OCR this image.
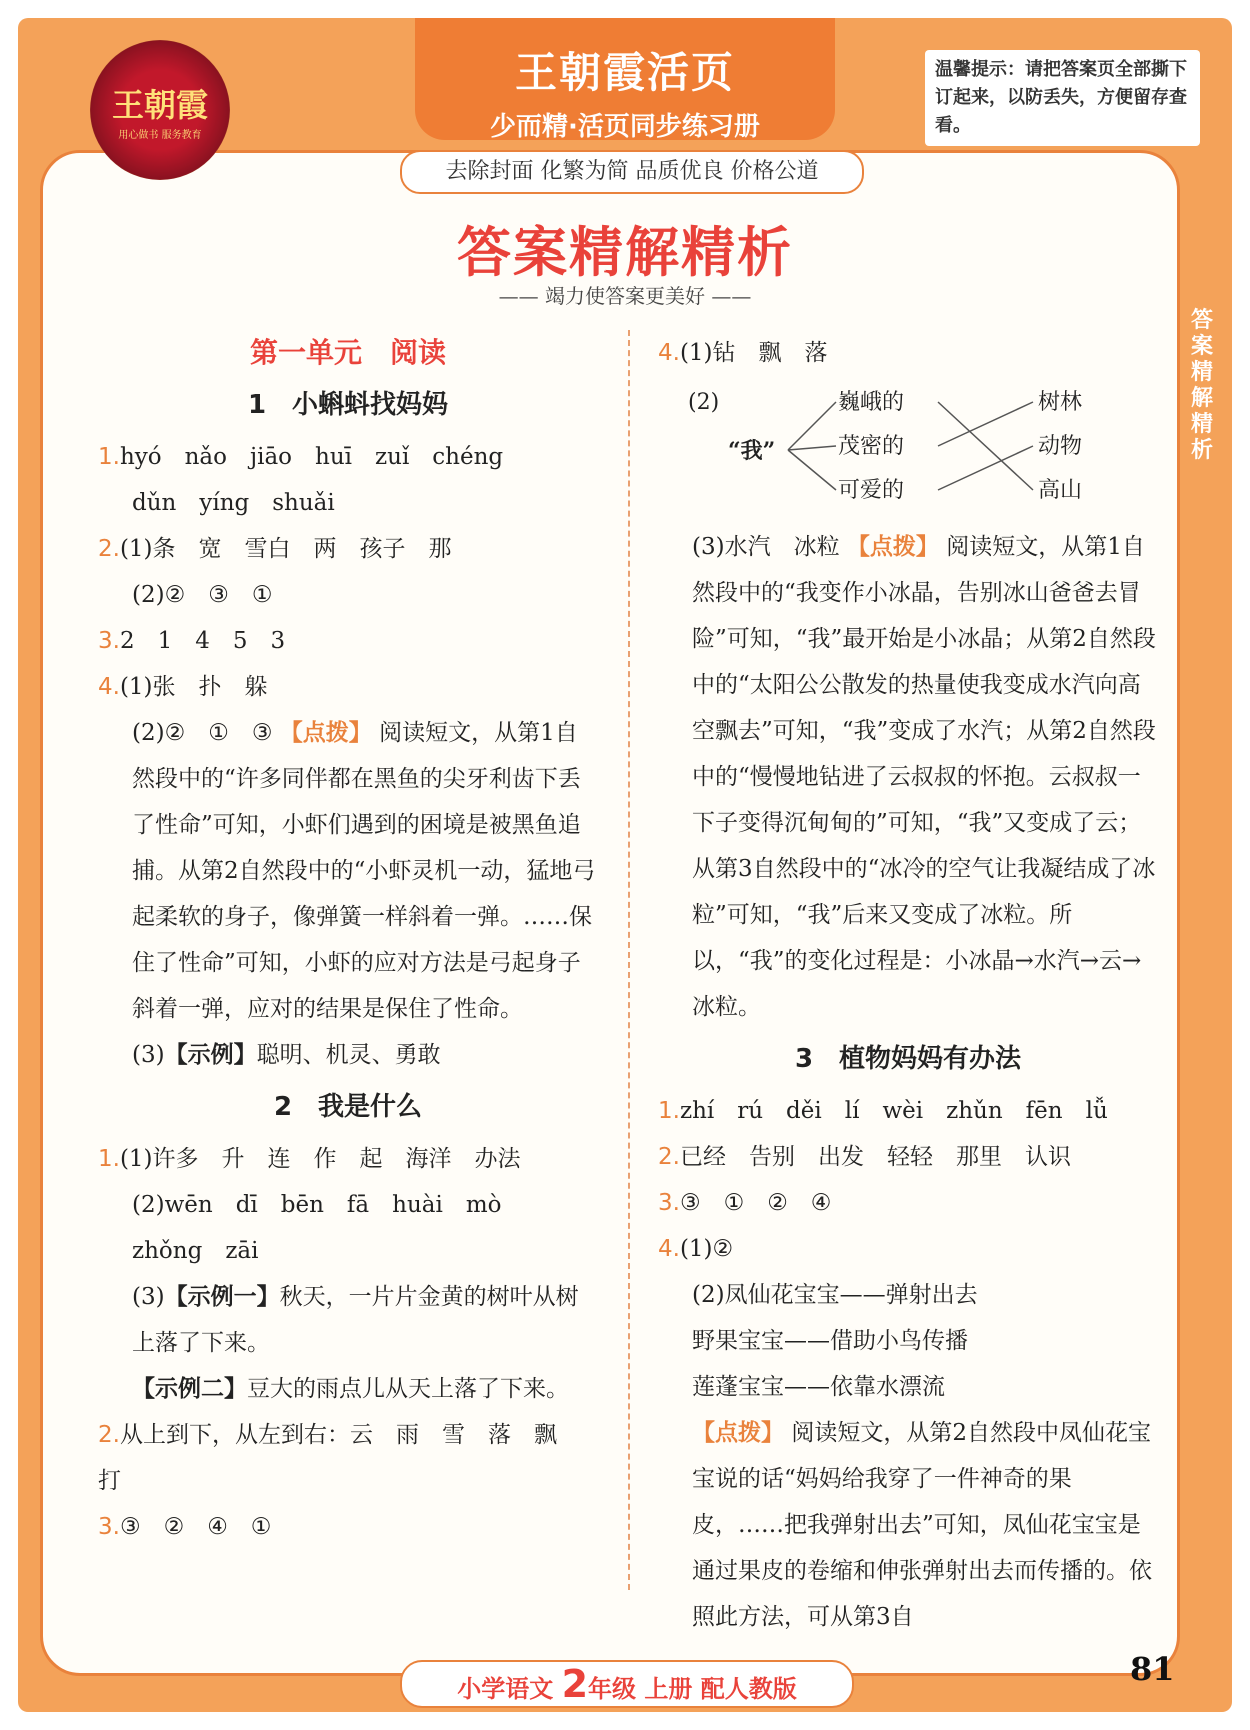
王朝霞
用心做书 服务教育
王朝霞活页
少而精·活页同步练习册
温馨提示：请把答案页全部撕下订起来，以防丢失，方便留存查看。
去除封面 化繁为简 品质优良 价格公道
答案精解精析
—— 竭力使答案更美好 ——
答案精解精析
第一单元　阅读
1　小蝌蚪找妈妈
1.hyó　nǎo　jiāo　huī　zuǐ　chéng
dǔn　yíng　shuǎi
2.(1)条　宽　雪白　两　孩子　那
(2)②　③　①
3.2　1　4　5　3
4.(1)张　扑　躲
(2)②　①　③ 【点拨】 阅读短文，从第1自然段中的“许多同伴都在黑鱼的尖牙利齿下丢了性命”可知，小虾们遇到的困境是被黑鱼追捕。从第2自然段中的“小虾灵机一动，猛地弓起柔软的身子，像弹簧一样斜着一弹。……保住了性命”可知，小虾的应对方法是弓起身子斜着一弹，应对的结果是保住了性命。
(3)【示例】聪明、机灵、勇敢
2　我是什么
1.(1)许多　升　连　作　起　海洋　办法
(2)wēn　dī　bēn　fā　huài　mò
zhǒng　zāi
(3)【示例一】秋天，一片片金黄的树叶从树上落了下来。
【示例二】豆大的雨点儿从天上落了下来。
2.从上到下，从左到右：云　雨　雪　落　飘　打
3.③　②　④　①
4.(1)钻　飘　落
(2)
“我”
巍峨的
茂密的
可爱的
树林
动物
高山
(3)水汽　冰粒 【点拨】 阅读短文，从第1自然段中的“我变作小冰晶，告别冰山爸爸去冒险”可知，“我”最开始是小冰晶；从第2自然段中的“太阳公公散发的热量使我变成水汽向高空飘去”可知，“我”变成了水汽；从第2自然段中的“慢慢地钻进了云叔叔的怀抱。云叔叔一下子变得沉甸甸的”可知，“我”又变成了云；从第3自然段中的“冰冷的空气让我凝结成了冰粒”可知，“我”后来又变成了冰粒。所以，“我”的变化过程是：小冰晶→水汽→云→冰粒。
3　植物妈妈有办法
1.zhí　rú　děi　lí　wèi　zhǔn　fēn　lǚ
2.已经　告别　出发　轻轻　那里　认识
3.③　①　②　④
4.(1)②
(2)凤仙花宝宝——弹射出去
野果宝宝——借助小鸟传播
莲蓬宝宝——依靠水漂流
【点拨】 阅读短文，从第2自然段中凤仙花宝宝说的话“妈妈给我穿了一件神奇的果皮，……把我弹射出去”可知，凤仙花宝宝是通过果皮的卷缩和伸张弹射出去而传播的。依照此方法，可从第3自
小学语文 2年级 上册 配人教版
81
